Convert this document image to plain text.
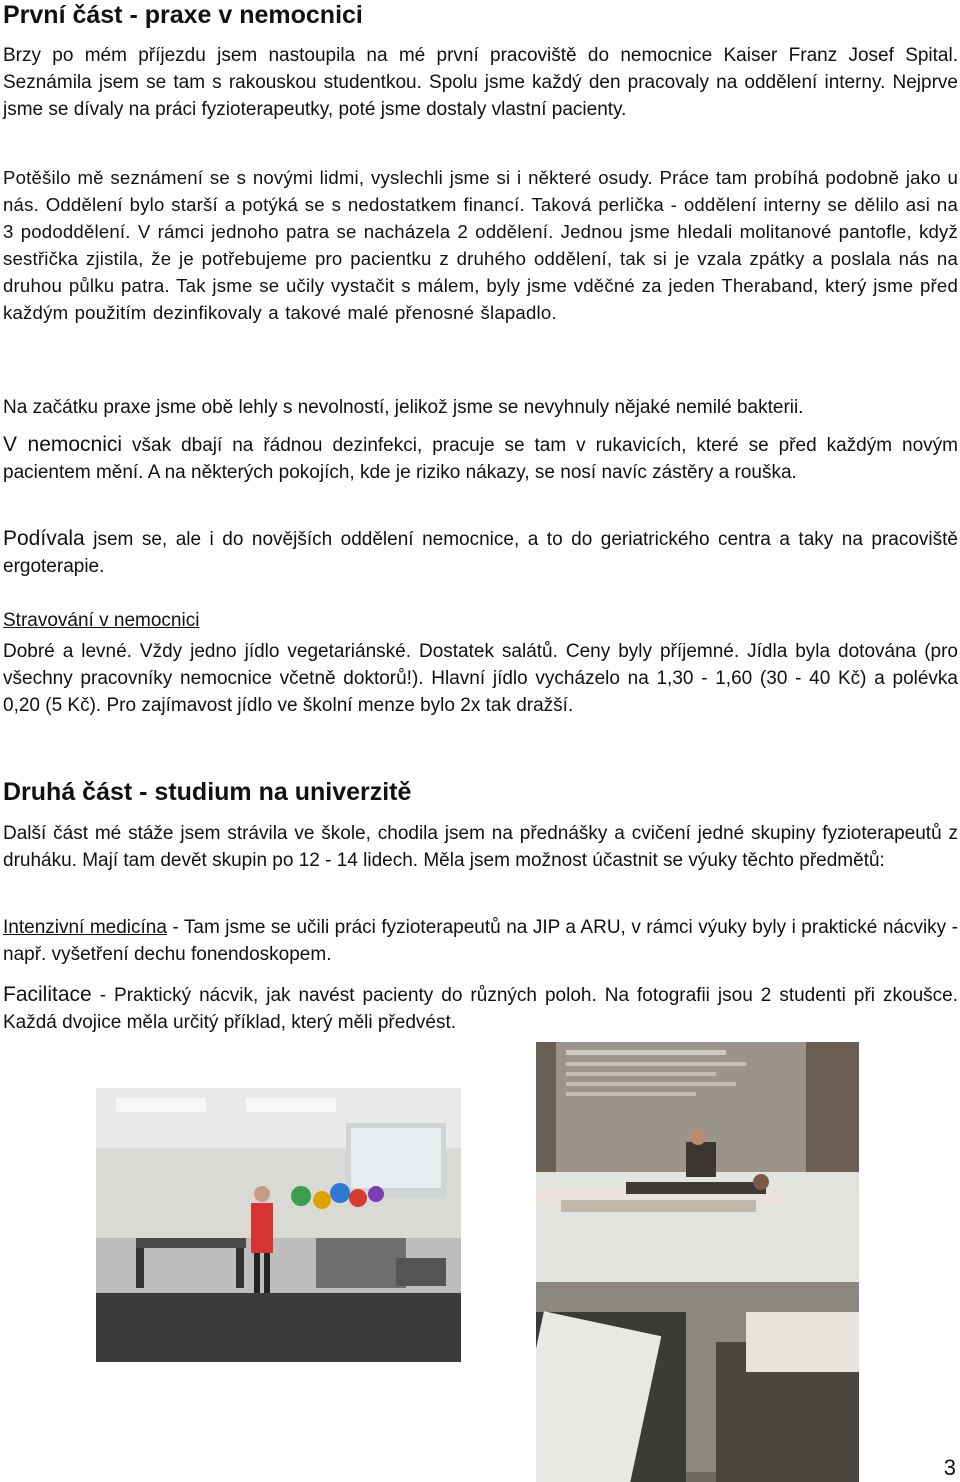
První část - praxe v nemocnici

Brzy po mém příjezdu jsem nastoupila na mé první pracoviště do nemocnice Kaiser Franz Josef Spital. Seznámila jsem se tam s rakouskou studentkou. Spolu jsme každý den pracovaly na oddělení interny. Nejprve jsme se dívaly na práci fyzioterapeutky, poté jsme dostaly vlastní pacienty.

Potěšilo mě seznámení se s novými lidmi, vyslechli jsme si i některé osudy. Práce tam probíhá podobně jako u nás. Oddělení bylo starší a potýká se s nedostatkem financí. Taková perlička - oddělení interny se dělilo asi na 3 pododdělení. V rámci jednoho patra se nacházela 2 oddělení. Jednou jsme hledali molitanové pantofle, když sestřička zjistila, že je potřebujeme pro pacientku z druhého oddělení, tak si je vzala zpátky a poslala nás na druhou půlku patra. Tak jsme se učily vystačit s málem, byly jsme vděčné za jeden Theraband, který jsme před každým použitím dezinfikovaly a takové malé přenosné šlapadlo.

Na začátku praxe jsme obě lehly s nevolností, jelikož jsme se nevyhnuly nějaké nemilé bakterii.

V nemocnici však dbají na řádnou dezinfekci, pracuje se tam v rukavicích, které se před každým novým pacientem mění. A na některých pokojích, kde je riziko nákazy, se nosí navíc zástěry a rouška.

Podívala jsem se, ale i do novějších oddělení nemocnice, a to do geriatrického centra a taky na pracoviště ergoterapie.

Stravování v nemocnici

Dobré a levné. Vždy jedno jídlo vegetariánské. Dostatek salátů. Ceny byly příjemné. Jídla byla dotována (pro všechny pracovníky nemocnice včetně doktorů!). Hlavní jídlo vycházelo na 1,30 - 1,60 (30 - 40 Kč) a polévka 0,20 (5 Kč). Pro zajímavost jídlo ve školní menze bylo 2x tak dražší.

Druhá část - studium na univerzitě

Další část mé stáže jsem strávila ve škole, chodila jsem na přednášky a cvičení jedné skupiny fyzioterapeutů z druháku. Mají tam devět skupin po 12 - 14 lidech. Měla jsem možnost účastnit se výuky těchto předmětů:

Intenzivní medicína - Tam jsme se učili práci fyzioterapeutů na JIP a ARU, v rámci výuky byly i praktické nácviky - např. vyšetření dechu fonendoskopem.

Facilitace - Praktický nácvik, jak navést pacienty do různých poloh. Na fotografii jsou 2 studenti při zkoušce. Každá dvojice měla určitý příklad, který měli předvést.

3
